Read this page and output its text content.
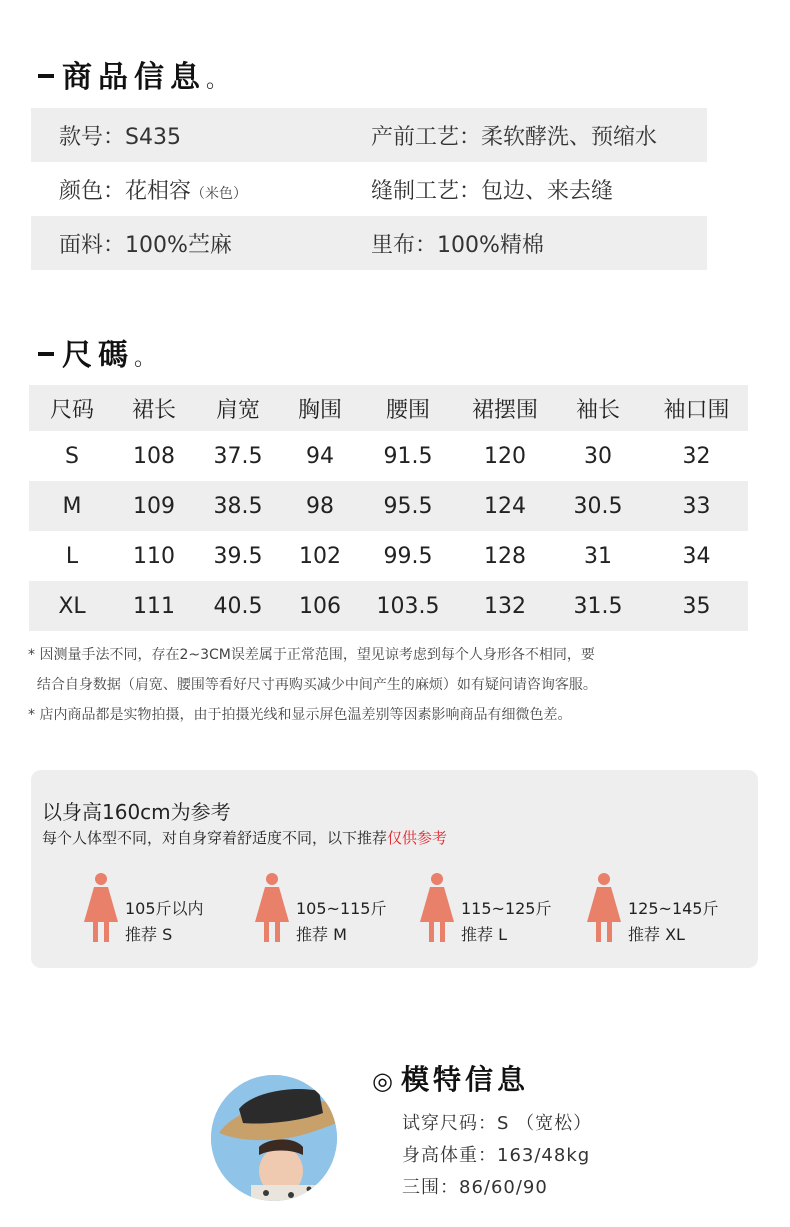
商品信息。
款号：S435	产前工艺：柔软酵洗、预缩水
颜色：花相容（米色）	缝制工艺：包边、来去缝
面料：100%苎麻	里布：100%精棉
尺碼。
尺码	裙长	肩宽	胸围	腰围	裙摆围	袖长	袖口围
S	108	37.5	94	91.5	120	30	32
M	109	38.5	98	95.5	124	30.5	33
L	110	39.5	102	99.5	128	31	34
XL	111	40.5	106	103.5	132	31.5	35
* 因测量手法不同，存在2~3CM误差属于正常范围，望见谅考虑到每个人身形各不相同，要
结合自身数据（肩宽、腰围等看好尺寸再购买减少中间产生的麻烦）如有疑问请咨询客服。
* 店内商品都是实物拍摄，由于拍摄光线和显示屏色温差别等因素影响商品有细微色差。
以身高160cm为参考
每个人体型不同，对自身穿着舒适度不同，以下推荐仅供参考
105斤以内
推荐 S
105~115斤
推荐 M
115~125斤
推荐 L
125~145斤
推荐 XL
◎ 模特信息
试穿尺码：S （宽松）
身高体重：163/48kg
三围：86/60/90
